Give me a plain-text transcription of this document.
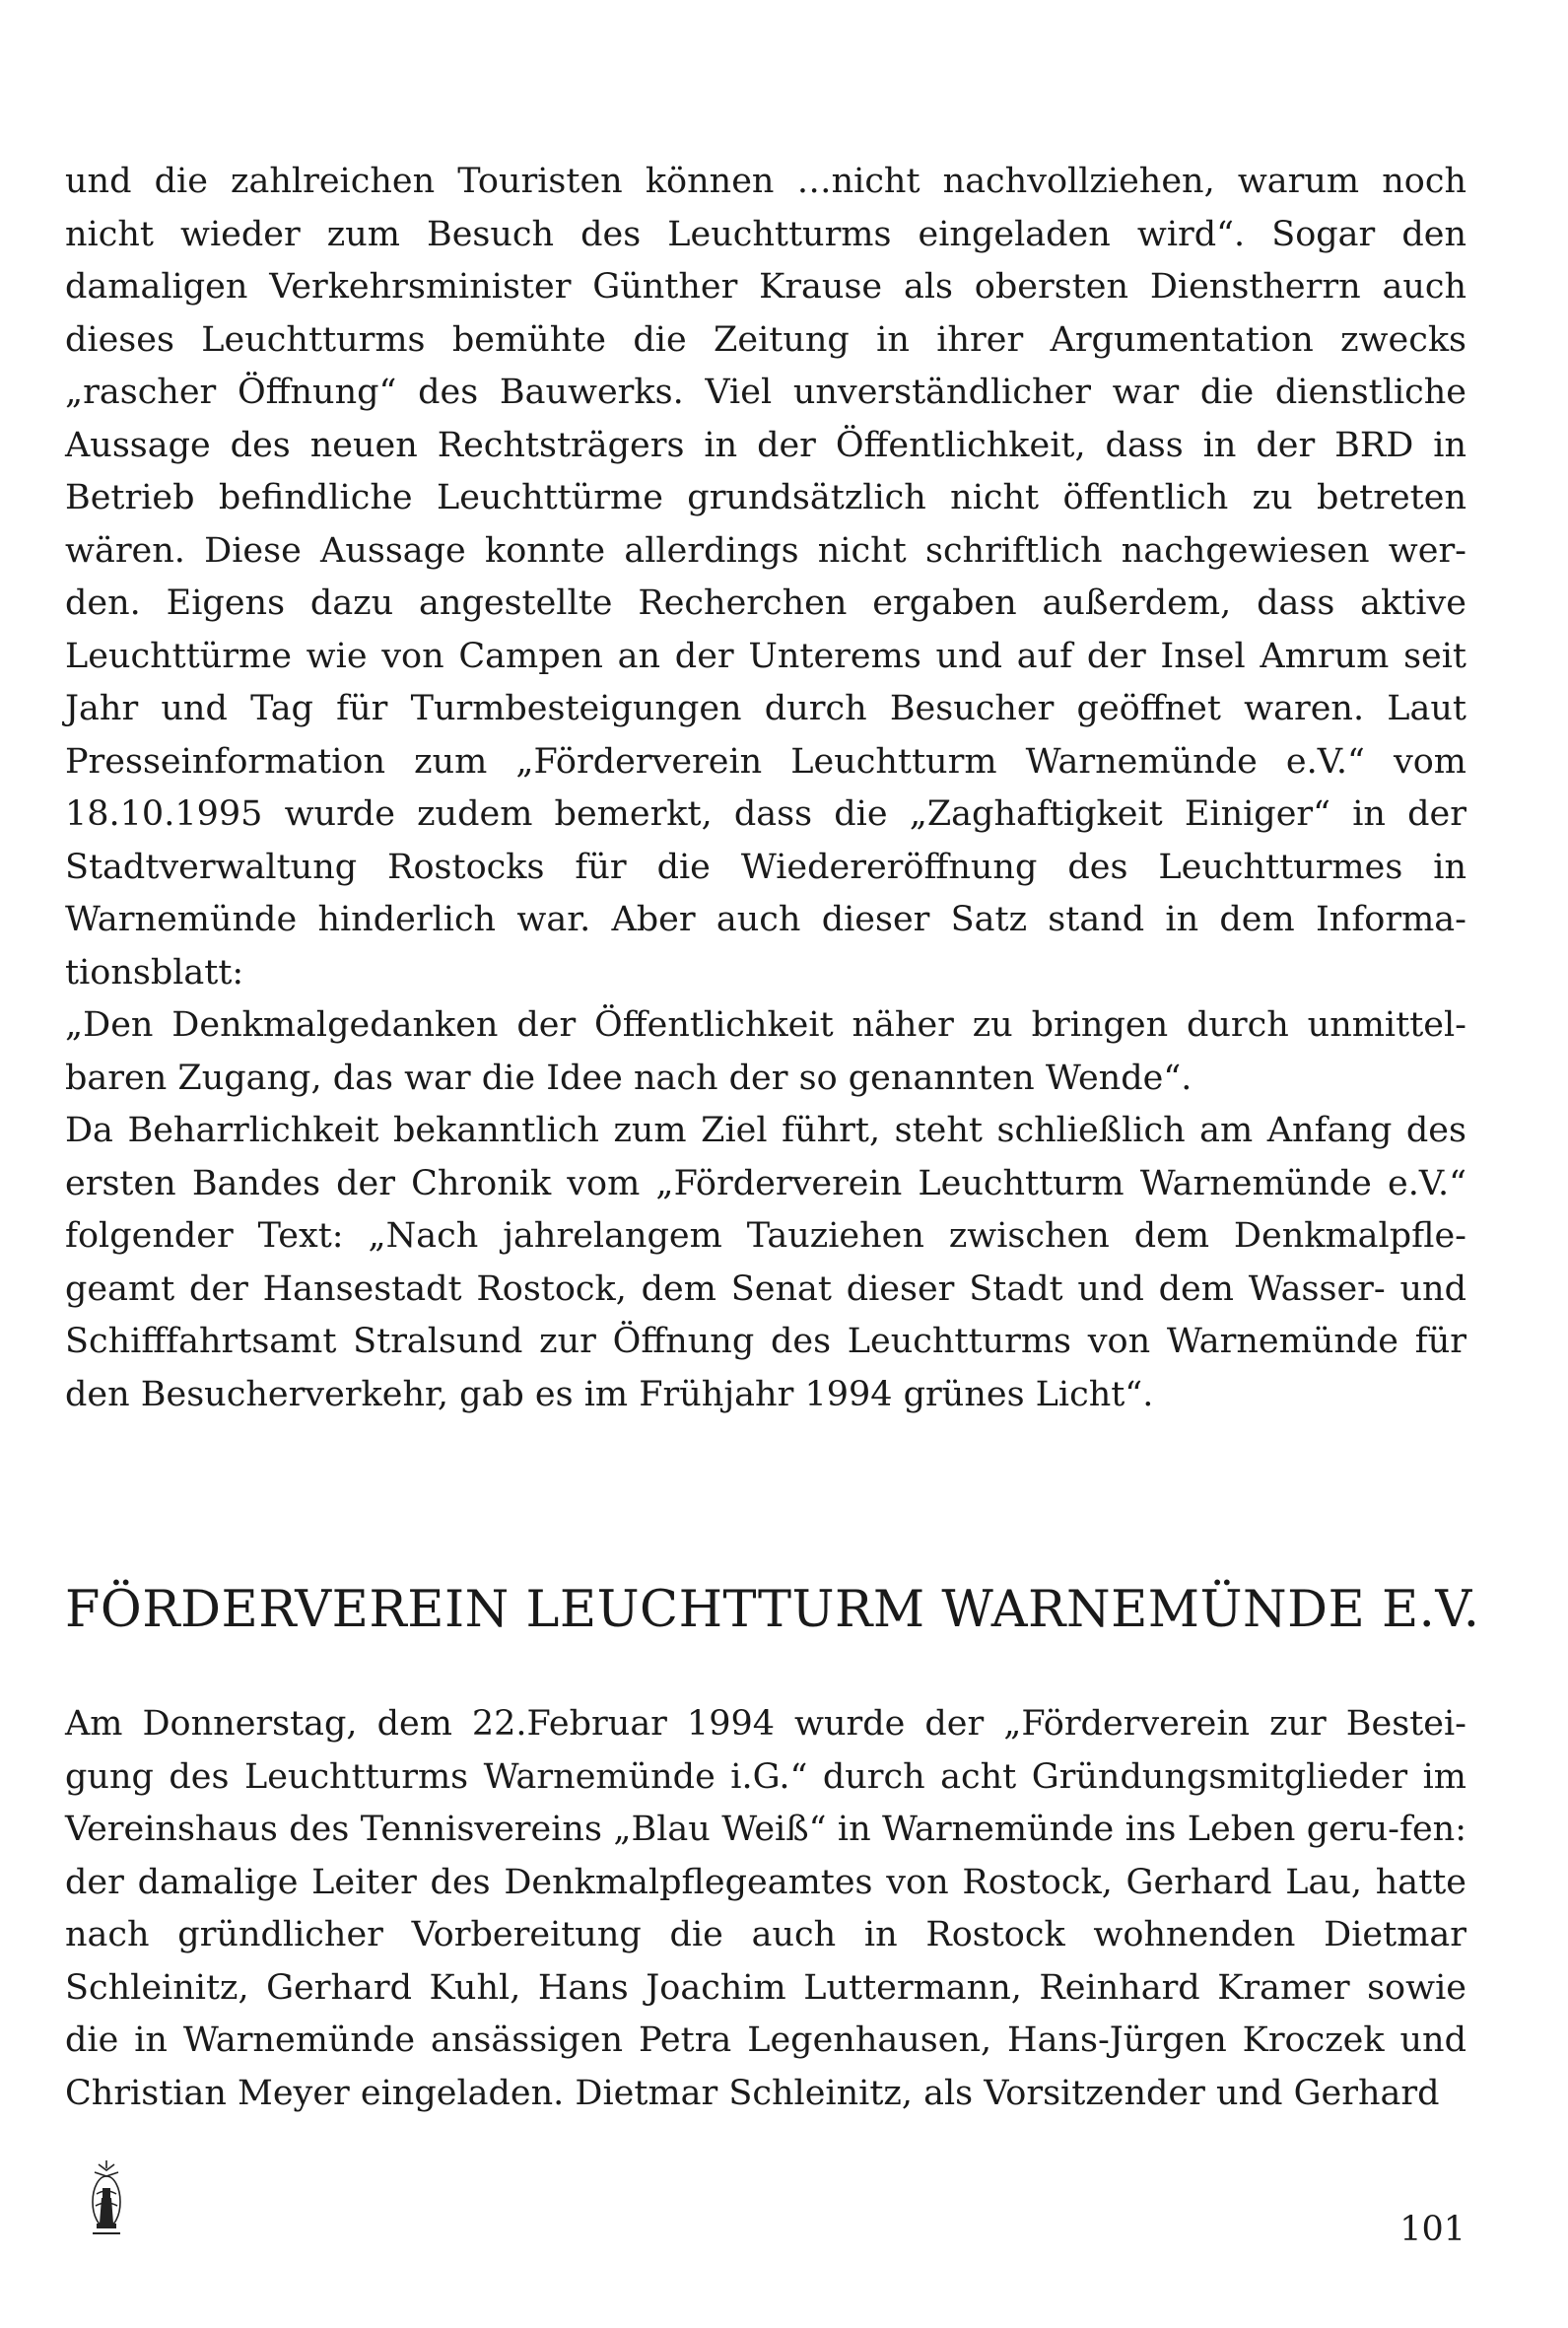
und die zahlreichen Touristen können …nicht nachvollziehen, warum noch nicht wieder zum Besuch des Leuchtturms eingeladen wird“. Sogar den damaligen Verkehrsminister Günther Krause als obersten Dienstherrn auch dieses Leuchtturms bemühte die Zeitung in ihrer Argumentation zwecks „rascher Öffnung“ des Bauwerks. Viel unverständlicher war die dienstliche Aussage des neuen Rechtsträgers in der Öffentlichkeit, dass in der BRD in Betrieb befindliche Leuchttürme grundsätzlich nicht öffentlich zu betreten wären. Diese Aussage konnte allerdings nicht schriftlich nachgewiesen wer-den. Eigens dazu angestellte Recherchen ergaben außerdem, dass aktive Leuchttürme wie von Campen an der Unterems und auf der Insel Amrum seit Jahr und Tag für Turmbesteigungen durch Besucher geöffnet waren. Laut Presseinformation zum „Förderverein Leuchtturm Warnemünde e.V.“ vom 18.10.1995 wurde zudem bemerkt, dass die „Zaghaftigkeit Einiger“ in der Stadtverwaltung Rostocks für die Wiedereröffnung des Leuchtturmes in Warnemünde hinderlich war. Aber auch dieser Satz stand in dem Informa-tionsblatt:

„Den Denkmalgedanken der Öffentlichkeit näher zu bringen durch unmittel-baren Zugang, das war die Idee nach der so genannten Wende“.

Da Beharrlichkeit bekanntlich zum Ziel führt, steht schließlich am Anfang des ersten Bandes der Chronik vom „Förderverein Leuchtturm Warnemünde e.V.“ folgender Text: „Nach jahrelangem Tauziehen zwischen dem Denkmalpfle-geamt der Hansestadt Rostock, dem Senat dieser Stadt und dem Wasser- und Schifffahrtsamt Stralsund zur Öffnung des Leuchtturms von Warnemünde für den Besucherverkehr, gab es im Frühjahr 1994 grünes Licht“.

FÖRDERVEREIN LEUCHTTURM WARNEMÜNDE E.V.

Am Donnerstag, dem 22.Februar 1994 wurde der „Förderverein zur Bestei-gung des Leuchtturms Warnemünde i.G.“ durch acht Gründungsmitglieder im Vereinshaus des Tennisvereins „Blau Weiß“ in Warnemünde ins Leben geru-fen: der damalige Leiter des Denkmalpflegeamtes von Rostock, Gerhard Lau, hatte nach gründlicher Vorbereitung die auch in Rostock wohnenden Dietmar Schleinitz, Gerhard Kuhl, Hans Joachim Luttermann, Reinhard Kramer sowie die in Warnemünde ansässigen Petra Legenhausen, Hans-Jürgen Kroczek und Christian Meyer eingeladen. Dietmar Schleinitz, als Vorsitzender und Gerhard

101
